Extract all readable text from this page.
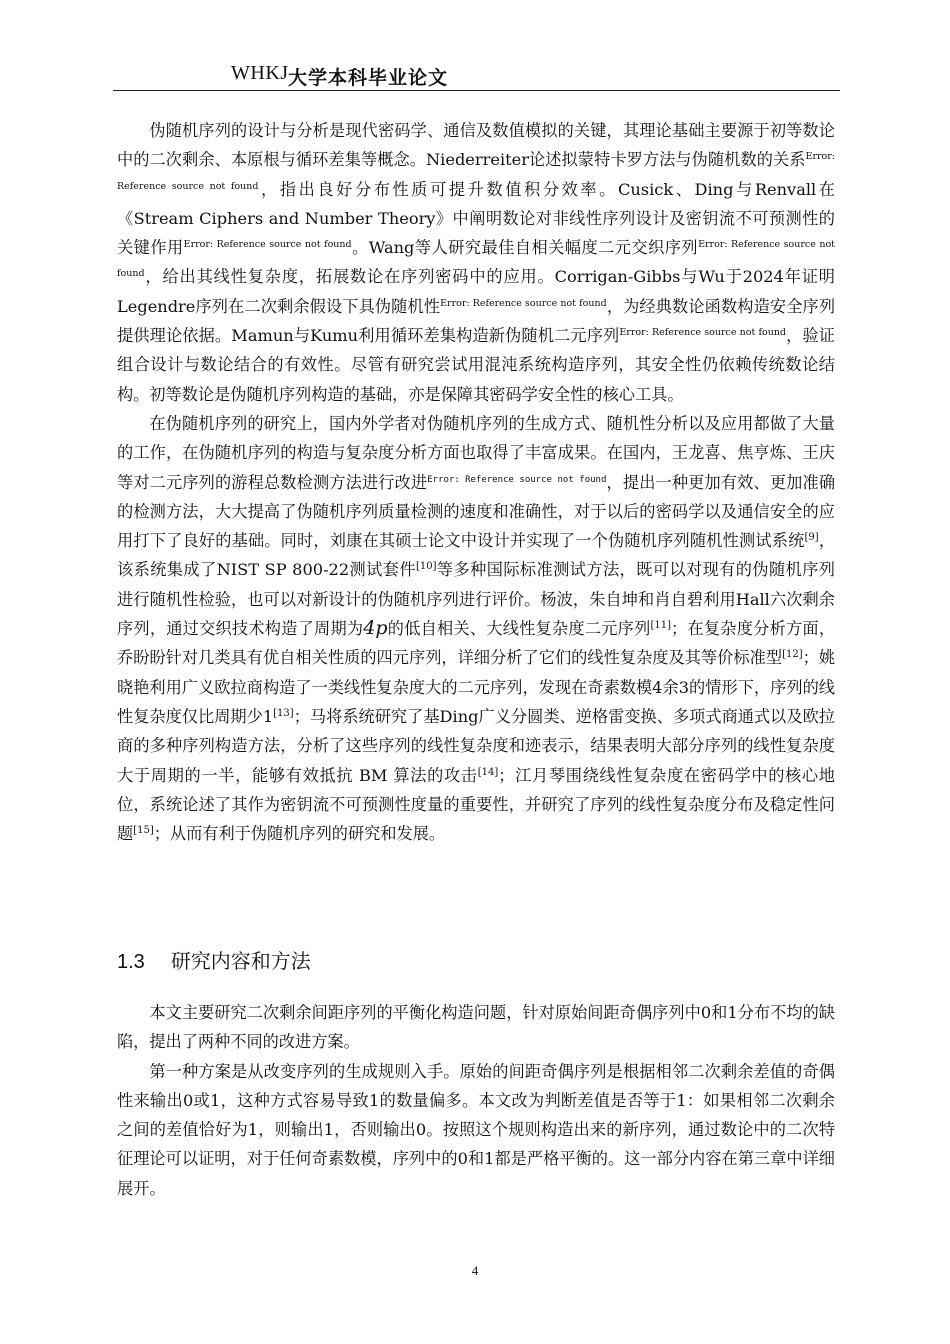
WHKJ 大学本科毕业论文

伪随机序列的设计与分析是现代密码学、通信及数值模拟的关键，其理论基础主要源于初等数论中的二次剩余、本原根与循环差集等概念。Niederreiter论述拟蒙特卡罗方法与伪随机数的关系$^{Error: Reference source not found}$，指出良好分布性质可提升数值积分效率。Cusick、Ding与Renvall在《Stream Ciphers and Number Theory》中阐明数论对非线性序列设计及密钥流不可预测性的关键作用$^{Error: Reference source not found}$。Wang等人研究最佳自相关幅度二元交织序列$^{Error: Reference source not found}$，给出其线性复杂度，拓展数论在序列密码中的应用。Corrigan-Gibbs与Wu于2024年证明Legendre序列在二次剩余假设下具伪随机性$^{Error: Reference source not found}$，为经典数论函数构造安全序列提供理论依据。Mamun与Kumu利用循环差集构造新伪随机二元序列$^{Error: Reference source not found}$，验证组合设计与数论结合的有效性。尽管有研究尝试用混沌系统构造序列，其安全性仍依赖传统数论结构。初等数论是伪随机序列构造的基础，亦是保障其密码学安全性的核心工具。

在伪随机序列的研究上，国内外学者对伪随机序列的生成方式、随机性分析以及应用都做了大量的工作，在伪随机序列的构造与复杂度分析方面也取得了丰富成果。在国内，王龙喜、焦亨炼、王庆等对二元序列的游程总数检测方法进行改进$^{Error:}$ $^{Reference source not found}$，提出一种更加有效、更加准确的检测方法，大大提高了伪随机序列质量检测的速度和准确性，对于以后的密码学以及通信安全的应用打下了良好的基础。同时，刘康在其硕士论文中设计并实现了一个伪随机序列随机性测试系统[9]，该系统集成了NIST SP 800-22测试套件[10]等多种国际标准测试方法，既可以对现有的伪随机序列进行随机性检验，也可以对新设计的伪随机序列进行评价。杨波，朱自坤和肖自碧利用Hall六次剩余序列，通过交织技术构造了周期为4p的低自相关、大线性复杂度二元序列[11]；在复杂度分析方面，乔盼盼针对几类具有优自相关性质的四元序列，详细分析了它们的线性复杂度及其等价标准型[12]；姚晓艳利用广义欧拉商构造了一类线性复杂度大的二元序列，发现在奇素数模4余3的情形下，序列的线性复杂度仅比周期少1[13]；马将系统研究了基Ding广义分圆类、逆格雷变换、多项式商通式以及欧拉商的多种序列构造方法，分析了这些序列的线性复杂度和迹表示，结果表明大部分序列的线性复杂度大于周期的一半，能够有效抵抗 BM 算法的攻击[14]；江月琴围绕线性复杂度在密码学中的核心地位，系统论述了其作为密钥流不可预测性度量的重要性，并研究了序列的线性复杂度分布及稳定性问题[15]；从而有利于伪随机序列的研究和发展。

1.3 研究内容和方法

本文主要研究二次剩余间距序列的平衡化构造问题，针对原始间距奇偶序列中0和1分布不均的缺陷，提出了两种不同的改进方案。

第一种方案是从改变序列的生成规则入手。原始的间距奇偶序列是根据相邻二次剩余差值的奇偶性来输出0或1，这种方式容易导致1的数量偏多。本文改为判断差值是否等于1：如果相邻二次剩余之间的差值恰好为1，则输出1，否则输出0。按照这个规则构造出来的新序列，通过数论中的二次特征理论可以证明，对于任何奇素数模，序列中的0和1都是严格平衡的。这一部分内容在第三章中详细展开。

4
